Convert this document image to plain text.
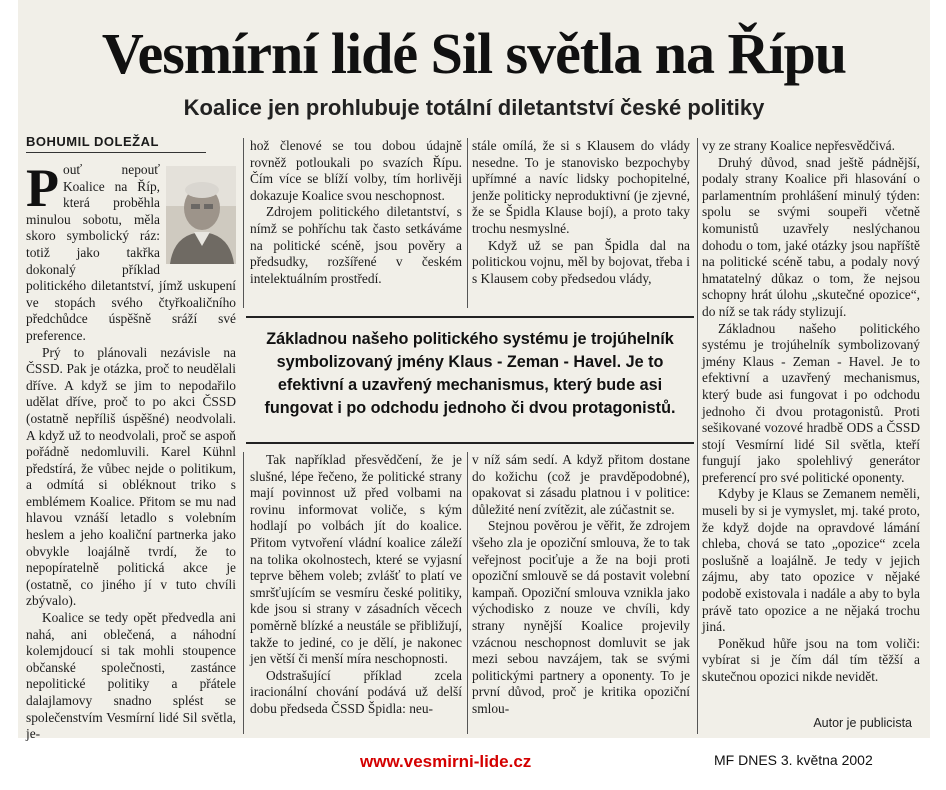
Vesmírní lidé Sil světla na Řípu
Koalice jen prohlubuje totální diletantství české politiky
BOHUMIL DOLEŽAL
P ouť nepouť Koalice na Říp, která proběhla minulou sobotu, měla skoro symbolický ráz: totiž jako takřka dokonalý příklad politického diletantství, jímž uskupení ve stopách svého čtyřkoaličního předchůdce úspěšně sráží své preference.

Prý to plánovali nezávisle na ČSSD. Pak je otázka, proč to neudělali dříve. A když se jim to nepodařilo udělat dříve, proč to po akci ČSSD (ostatně nepříliš úspěšné) neodvolali. A když už to neodvolali, proč se aspoň pořádně nedomluvili. Karel Kühnl předstírá, že vůbec nejde o politikum, a odmítá si obléknout triko s emblémem Koalice. Přitom se mu nad hlavou vznáší letadlo s volebním heslem a jeho koaliční partnerka jako obvykle loajálně tvrdí, že to nepopíratelně politická akce je (ostatně, co jiného jí v tuto chvíli zbývalo).

Koalice se tedy opět předvedla ani nahá, ani oblečená, a náhodní kolemjdoucí si tak mohli stoupence občanské společnosti, zastánce nepolitické politiky a přátele dalajlamovy snadno splést se společenstvím Vesmírní lidé Sil světla, je-

hož členové se tou dobou údajně rovněž potloukali po svazích Řípu. Čím více se blíží volby, tím horlivěji dokazuje Koalice svou neschopnost.

Zdrojem politického diletantství, s nímž se pohříchu tak často setkáváme na politické scéně, jsou pověry a předsudky, rozšířené v českém intelektuálním prostředí.

stále omílá, že si s Klausem do vlády nesedne. To je stanovisko bezpochyby upřímné a navíc lidsky pochopitelné, jenže politicky neproduktivní (je zjevné, že se Špidla Klause bojí), a proto taky trochu nesmyslné.

Když už se pan Špidla dal na politickou vojnu, měl by bojovat, třeba i s Klausem coby předsedou vlády,

Základnou našeho politického systému je trojúhelník symbolizovaný jmény Klaus - Zeman - Havel. Je to efektivní a uzavřený mechanismus, který bude asi fungovat i po odchodu jednoho či dvou protagonistů.

Tak například přesvědčení, že je slušné, lépe řečeno, že politické strany mají povinnost už před volbami na rovinu informovat voliče, s kým hodlají po volbách jít do koalice. Přitom vytvoření vládní koalice záleží na tolika okolnostech, které se vyjasní teprve během voleb; zvlášť to platí ve smršťujícím se vesmíru české politiky, kde jsou si strany v zásadních věcech poměrně blízké a neustále se přibližují, takže to jediné, co je dělí, je nakonec jen větší či menší míra neschopnosti.

Odstrašující příklad zcela iracionální chování podává už delší dobu předseda ČSSD Špidla: neu-

v níž sám sedí. A když přitom dostane do kožichu (což je pravděpodobné), opakovat si zásadu platnou i v politice: důležité není zvítězit, ale zúčastnit se.

Stejnou pověrou je věřit, že zdrojem všeho zla je opoziční smlouva, že to tak veřejnost pociťuje a že na boji proti opoziční smlouvě se dá postavit volební kampaň. Opoziční smlouva vznikla jako východisko z nouze ve chvíli, kdy strany nynější Koalice projevily vzácnou neschopnost domluvit se jak mezi sebou navzájem, tak se svými politickými partnery a oponenty. To je první důvod, proč je kritika opoziční smlou-

vy ze strany Koalice nepřesvědčivá.

Druhý důvod, snad ještě pádnější, podaly strany Koalice při hlasování o parlamentním prohlášení minulý týden: spolu se svými soupeři včetně komunistů uzavřely neslýchanou dohodu o tom, jaké otázky jsou napříště na politické scéně tabu, a podaly nový hmatatelný důkaz o tom, že nejsou schopny hrát úlohu „skutečné opozice“, do níž se tak rády stylizují.

Základnou našeho politického systému je trojúhelník symbolizovaný jmény Klaus - Zeman - Havel. Je to efektivní a uzavřený mechanismus, který bude asi fungovat i po odchodu jednoho či dvou protagonistů. Proti sešikované vozové hradbě ODS a ČSSD stojí Vesmírní lidé Sil světla, kteří fungují jako spolehlivý generátor preferencí pro své politické oponenty.

Kdyby je Klaus se Zemanem neměli, museli by si je vymyslet, mj. také proto, že když dojde na opravdové lámání chleba, chová se tato „opozice“ zcela poslušně a loajálně. Je tedy v jejich zájmu, aby tato opozice v nějaké podobě existovala i nadále a aby to byla právě tato opozice a ne nějaká trochu jiná.

Poněkud hůře jsou na tom voliči: vybírat si je čím dál tím těžší a skutečnou opozici nikde nevidět.

Autor je publicista
www.vesmirni-lide.cz	MF DNES 3. května 2002
